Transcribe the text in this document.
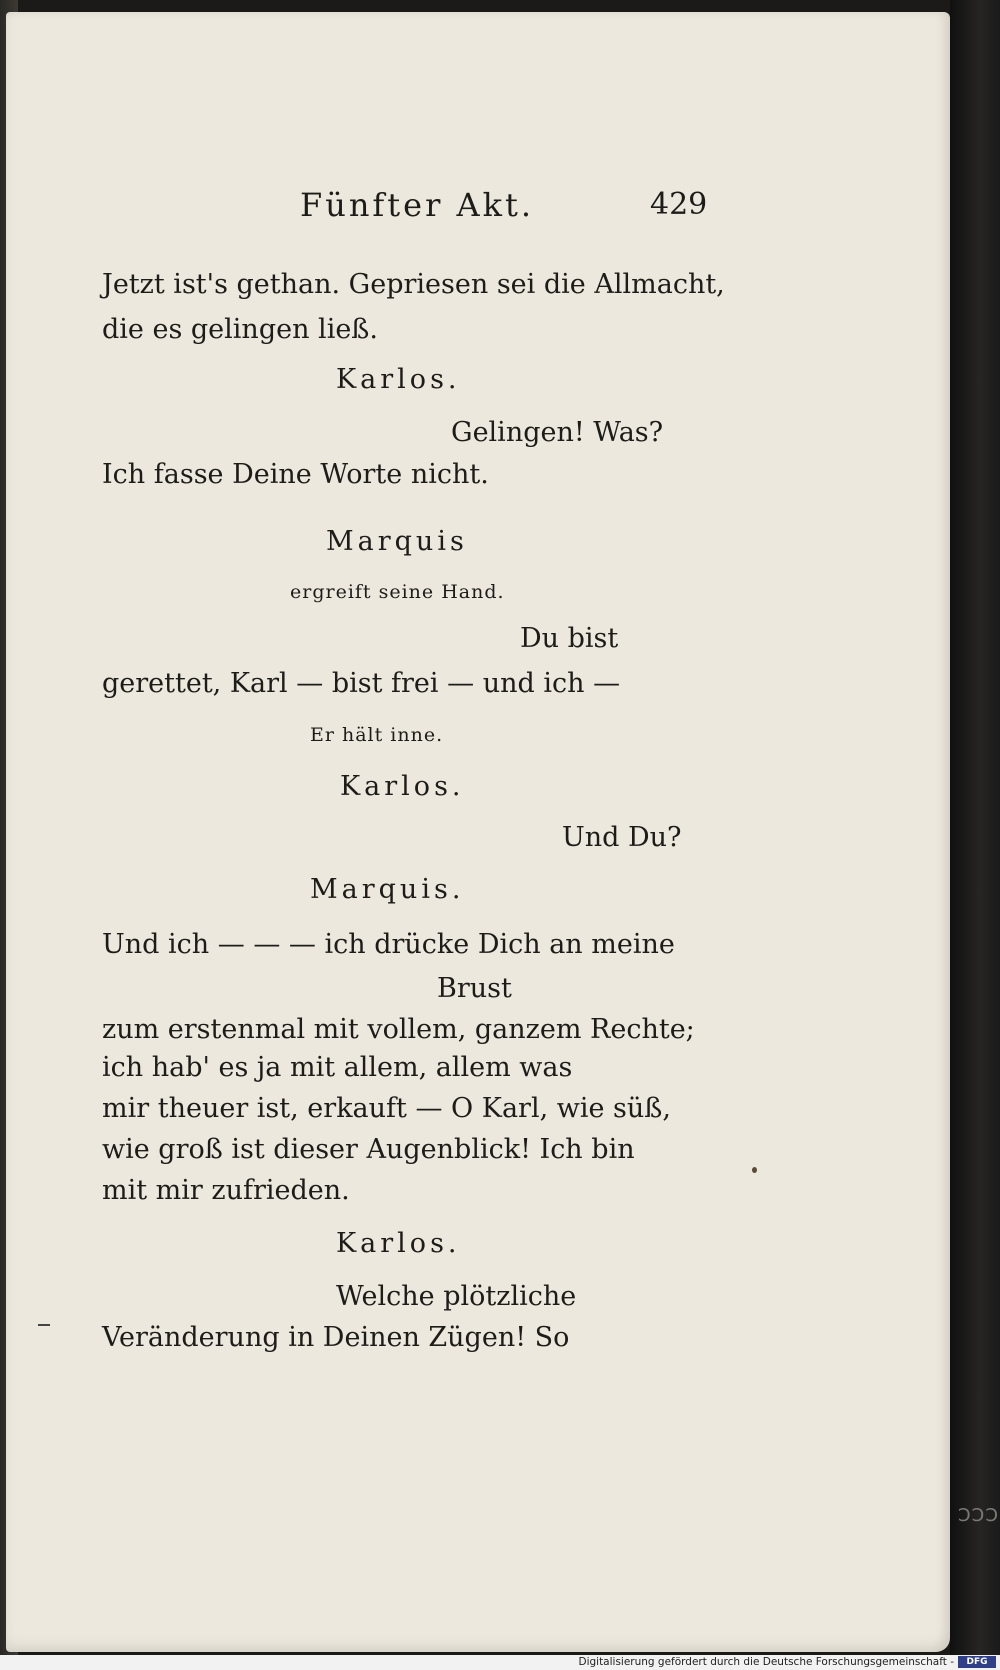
ƆƆƆ
Fünfter Akt.	429
Jetzt ist's gethan. Gepriesen sei die Allmacht,
die es gelingen ließ.
Karlos.
Gelingen! Was?
Ich fasse Deine Worte nicht.
Marquis
ergreift seine Hand.
Du bist
gerettet, Karl — bist frei — und ich —
Er hält inne.
Karlos.
Und Du?
Marquis.
Und ich — — — ich drücke Dich an meine
Brust
zum erstenmal mit vollem, ganzem Rechte;
ich hab' es ja mit allem, allem was
mir theuer ist, erkauft — O Karl, wie süß,
wie groß ist dieser Augenblick! Ich bin
mit mir zufrieden.
Karlos.
Welche plötzliche
Veränderung in Deinen Zügen! So
Digitalisierung gefördert durch die Deutsche Forschungsgemeinschaft -	DFG
